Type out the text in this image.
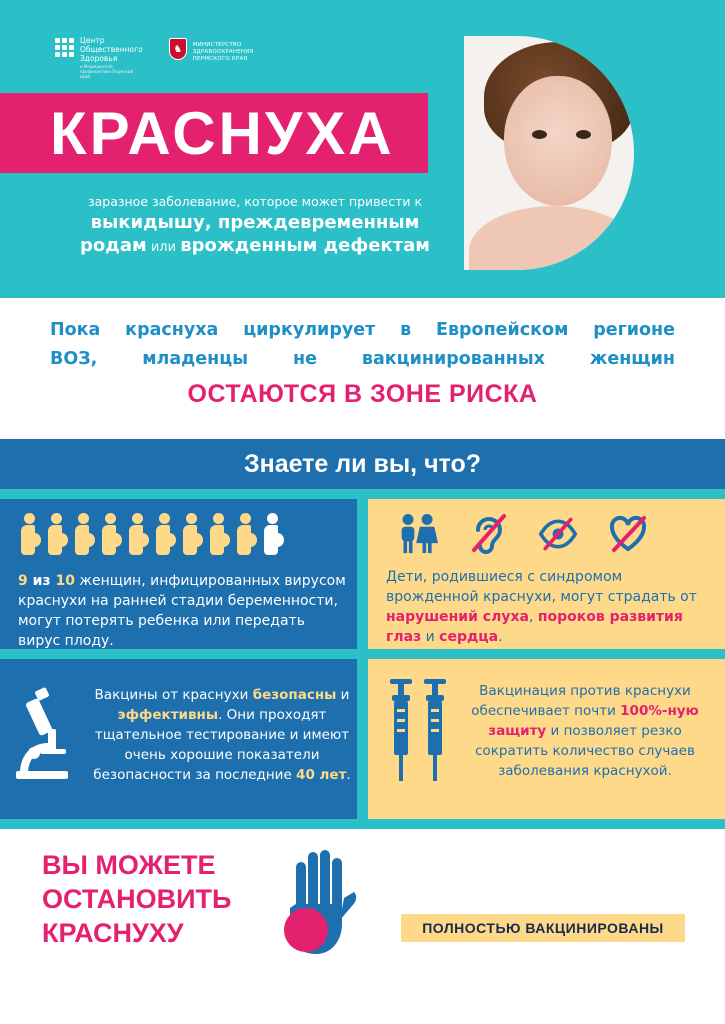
Центр
Общественного
Здоровья
и Медицинской профилактики Пермский край
♞	МИНИСТЕРСТВО
ЗДРАВООХРАНЕНИЯ
ПЕРМСКОГО КРАЯ
КРАСНУХА
заразное заболевание, которое может привести к
выкидышу, преждевременным
родам или врожденным дефектам
Пока краснуха циркулирует в Европейском регионе
ВОЗ, младенцы не вакцинированных женщин
ОСТАЮТСЯ В ЗОНЕ РИСКА
Знаете ли вы, что?
9 из 10 женщин, инфицированных вирусом краснухи на ранней стадии беременности, могут потерять ребенка или передать вирус плоду.
Дети, родившиеся с синдромом врожденной краснухи, могут страдать от нарушений слуха, пороков развития глаз и сердца.
Вакцины от краснухи безопасны и эффективны. Они проходят тщательное тестирование и имеют очень хорошие показатели безопасности за последние 40 лет.
Вакцинация против краснухи обеспечивает почти 100%-ную защиту и позволяет резко сократить количество случаев заболевания краснухой.
ВЫ МОЖЕТЕ
ОСТАНОВИТЬ
КРАСНУХУ
Защитите следующее поколение, убедившись, что вы и ваша семья
ПОЛНОСТЬЮ ВАКЦИНИРОВАНЫ
www.budzdorovperm.ru
